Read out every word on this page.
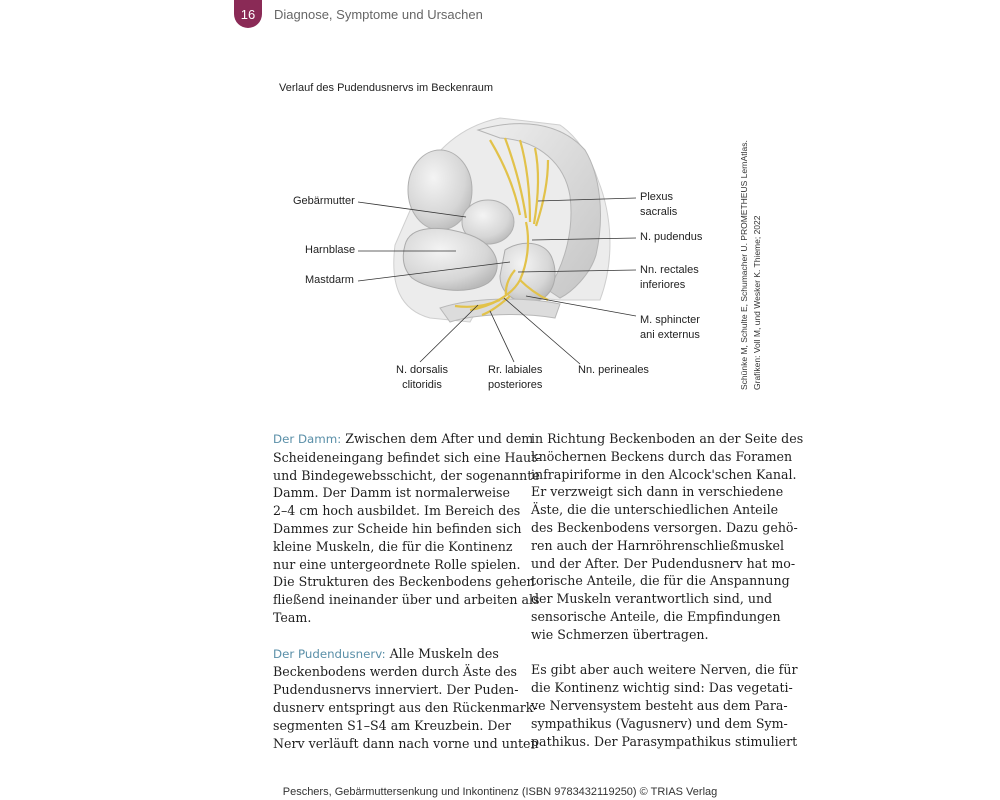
16	Diagnose, Symptome und Ursachen
Verlauf des Pudendusnervs im Beckenraum
Gebärmutter
Harnblase
Mastdarm
Plexus
sacralis
N. pudendus
Nn. rectales
inferiores
M. sphincter
ani externus
N. dorsalis
clitoridis
Rr. labiales
posteriores
Nn. perineales	Schünke M, Schulte E, Schumacher U. PROMETHEUS LernAtlas. Grafiken: Voll M, und Wesker K. Thieme; 2022
Der Damm: Zwischen dem After und dem
Scheideneingang befindet sich eine Haut-
und Bindegewebsschicht, der sogenannte
Damm. Der Damm ist normalerweise
2–4 cm hoch ausbildet. Im Bereich des
Dammes zur Scheide hin befinden sich
kleine Muskeln, die für die Kontinenz
nur eine untergeordnete Rolle spielen.
Die Strukturen des Beckenbodens gehen
fließend ineinander über und arbeiten als
Team.
Der Pudendusnerv: Alle Muskeln des
Beckenbodens werden durch Äste des
Pudendusnervs innerviert. Der Puden-
dusnerv entspringt aus den Rückenmark-
segmenten S1–S4 am Kreuzbein. Der
Nerv verläuft dann nach vorne und unten
in Richtung Beckenboden an der Seite des
knöchernen Beckens durch das Foramen
infrapiriforme in den Alcock'schen Kanal.
Er verzweigt sich dann in verschiedene
Äste, die die unterschiedlichen Anteile
des Beckenbodens versorgen. Dazu gehö-
ren auch der Harnröhrenschließmuskel
und der After. Der Pudendusnerv hat mo-
torische Anteile, die für die Anspannung
der Muskeln verantwortlich sind, und
sensorische Anteile, die Empfindungen
wie Schmerzen übertragen.
Es gibt aber auch weitere Nerven, die für
die Kontinenz wichtig sind: Das vegetati-
ve Nervensystem besteht aus dem Para-
sympathikus (Vagusnerv) und dem Sym-
pathikus. Der Parasympathikus stimuliert
Peschers, Gebärmuttersenkung und Inkontinenz (ISBN 9783432119250) © TRIAS Verlag
